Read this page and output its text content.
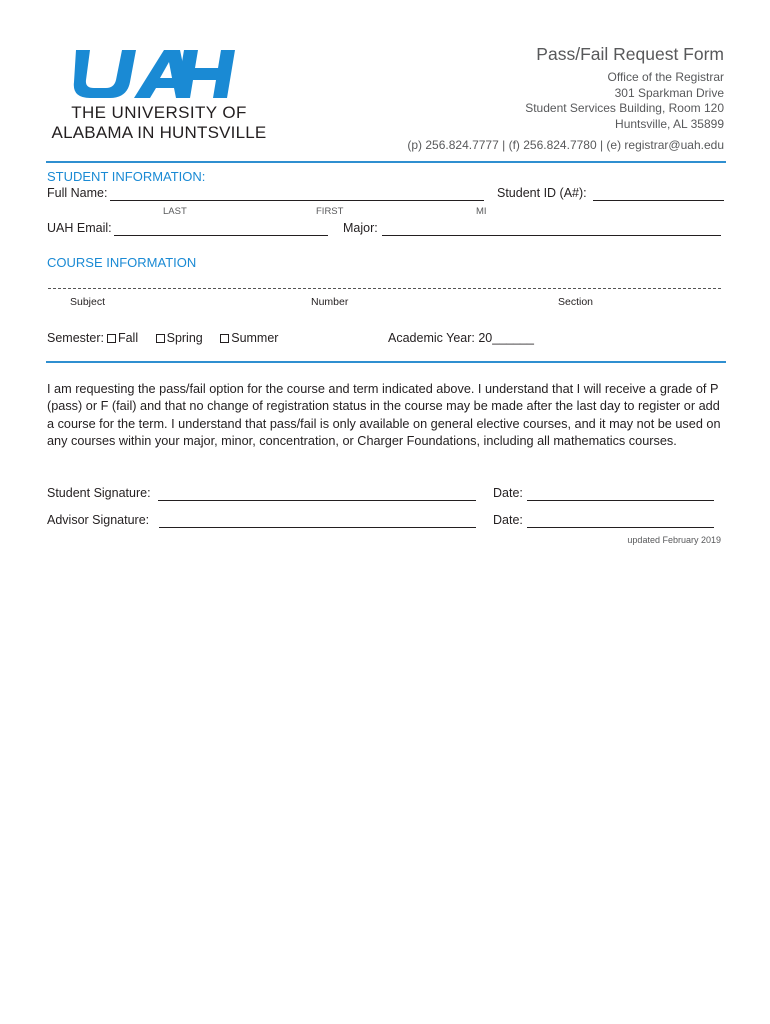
THE UNIVERSITY OF
ALABAMA IN HUNTSVILLE
Pass/Fail Request Form
Office of the Registrar
301 Sparkman Drive
Student Services Building, Room 120
Huntsville, AL 35899
(p) 256.824.7777 | (f) 256.824.7780 | (e) registrar@uah.edu
STUDENT INFORMATION:
Full Name:	Student ID (A#):
LAST	FIRST	MI
UAH Email:	Major:
COURSE INFORMATION
Subject	Number	Section
Semester: Fall Spring Summer	Academic Year: 20______
I am requesting the pass/fail option for the course and term indicated above. I understand that I will receive a grade of P (pass) or F (fail) and that no change of registration status in the course may be made after the last day to register or add a course for the term. I understand that pass/fail is only available on general elective courses, and it may not be used on any courses within your major, minor, concentration, or Charger Foundations, including all mathematics courses.
Student Signature:	Date:
Advisor Signature:	Date:
updated February 2019
